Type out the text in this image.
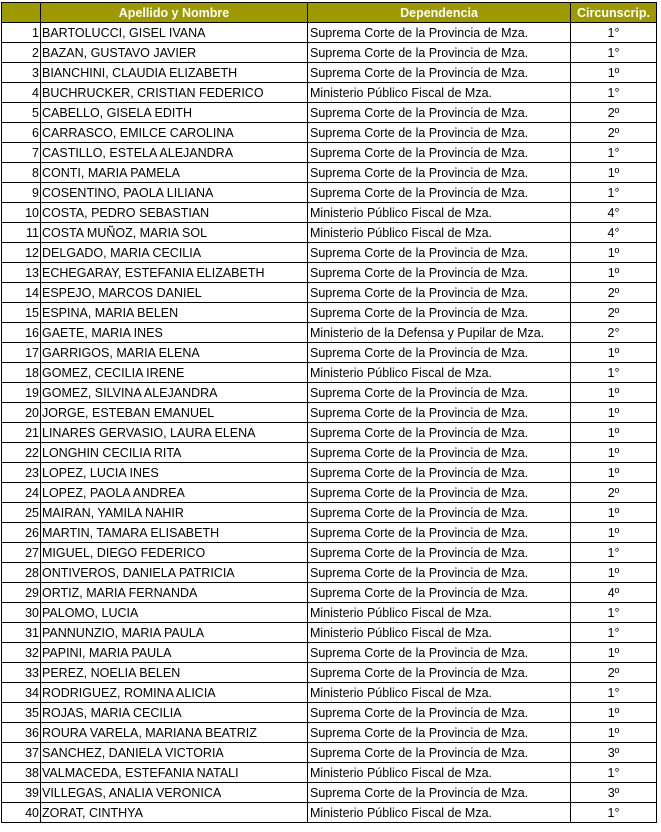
	Apellido y Nombre	Dependencia	Circunscrip.
1	BARTOLUCCI, GISEL IVANA	Suprema Corte de la Provincia de Mza.	1°
2	BAZAN, GUSTAVO JAVIER	Suprema Corte de la Provincia de Mza.	1°
3	BIANCHINI, CLAUDIA ELIZABETH	Suprema Corte de la Provincia de Mza.	1º
4	BUCHRUCKER, CRISTIAN FEDERICO	Ministerio Público Fiscal de Mza.	1°
5	CABELLO, GISELA EDITH	Suprema Corte de la Provincia de Mza.	2º
6	CARRASCO, EMILCE CAROLINA	Suprema Corte de la Provincia de Mza.	2º
7	CASTILLO, ESTELA ALEJANDRA	Suprema Corte de la Provincia de Mza.	1°
8	CONTI, MARIA PAMELA	Suprema Corte de la Provincia de Mza.	1º
9	COSENTINO, PAOLA LILIANA	Suprema Corte de la Provincia de Mza.	1°
10	COSTA, PEDRO SEBASTIAN	Ministerio Público Fiscal de Mza.	4°
11	COSTA MUÑOZ, MARIA SOL	Ministerio Público Fiscal de Mza.	4°
12	DELGADO, MARIA CECILIA	Suprema Corte de la Provincia de Mza.	1º
13	ECHEGARAY, ESTEFANIA ELIZABETH	Suprema Corte de la Provincia de Mza.	1º
14	ESPEJO, MARCOS DANIEL	Suprema Corte de la Provincia de Mza.	2º
15	ESPINA, MARIA BELEN	Suprema Corte de la Provincia de Mza.	2º
16	GAETE, MARIA INES	Ministerio de la Defensa y Pupilar de Mza.	2°
17	GARRIGOS, MARIA ELENA	Suprema Corte de la Provincia de Mza.	1º
18	GOMEZ, CECILIA IRENE	Ministerio Público Fiscal de Mza.	1°
19	GOMEZ, SILVINA ALEJANDRA	Suprema Corte de la Provincia de Mza.	1º
20	JORGE, ESTEBAN EMANUEL	Suprema Corte de la Provincia de Mza.	1º
21	LINARES GERVASIO, LAURA ELENA	Suprema Corte de la Provincia de Mza.	1º
22	LONGHIN CECILIA RITA	Suprema Corte de la Provincia de Mza.	1º
23	LOPEZ, LUCIA INES	Suprema Corte de la Provincia de Mza.	1º
24	LOPEZ, PAOLA ANDREA	Suprema Corte de la Provincia de Mza.	2º
25	MAIRAN, YAMILA NAHIR	Suprema Corte de la Provincia de Mza.	1º
26	MARTIN, TAMARA ELISABETH	Suprema Corte de la Provincia de Mza.	1º
27	MIGUEL, DIEGO FEDERICO	Suprema Corte de la Provincia de Mza.	1°
28	ONTIVEROS, DANIELA PATRICIA	Suprema Corte de la Provincia de Mza.	1º
29	ORTIZ, MARIA FERNANDA	Suprema Corte de la Provincia de Mza.	4º
30	PALOMO, LUCIA	Ministerio Público Fiscal de Mza.	1°
31	PANNUNZIO, MARIA PAULA	Ministerio Público Fiscal de Mza.	1°
32	PAPINI, MARIA PAULA	Suprema Corte de la Provincia de Mza.	1º
33	PEREZ, NOELIA BELEN	Suprema Corte de la Provincia de Mza.	2º
34	RODRIGUEZ, ROMINA ALICIA	Ministerio Público Fiscal de Mza.	1°
35	ROJAS, MARIA CECILIA	Suprema Corte de la Provincia de Mza.	1º
36	ROURA VARELA, MARIANA BEATRIZ	Suprema Corte de la Provincia de Mza.	1º
37	SANCHEZ, DANIELA VICTORIA	Suprema Corte de la Provincia de Mza.	3º
38	VALMACEDA, ESTEFANIA NATALI	Ministerio Público Fiscal de Mza.	1°
39	VILLEGAS, ANALIA VERONICA	Suprema Corte de la Provincia de Mza.	3º
40	ZORAT, CINTHYA	Ministerio Público Fiscal de Mza.	1°
